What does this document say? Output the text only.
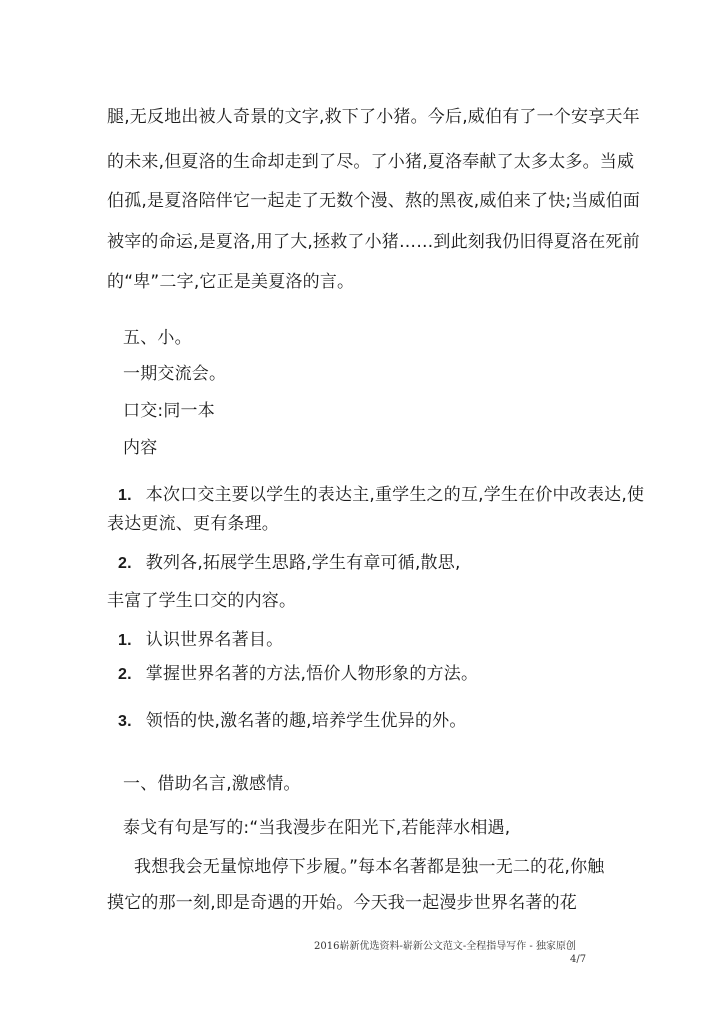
腿,无反地出被人奇景的文字,救下了小猪。今后,威伯有了一个安享天年
的未来,但夏洛的生命却走到了尽。了小猪,夏洛奉献了太多太多。当威
伯孤,是夏洛陪伴它一起走了无数个漫、熬的黑夜,威伯来了快;当威伯面
被宰的命运,是夏洛,用了大,拯救了小猪……到此刻我仍旧得夏洛在死前
的“卑”二字,它正是美夏洛的言。
五、小。
一期交流会。
口交:同一本
内容
1. 本次口交主要以学生的表达主,重学生之的互,学生在价中改表达,使
表达更流、更有条理。
2. 教列各,拓展学生思路,学生有章可循,散思,
丰富了学生口交的内容。
1. 认识世界名著目。
2. 掌握世界名著的方法,悟价人物形象的方法。
3. 领悟的快,激名著的趣,培养学生优异的外。
一、借助名言,激感情。
泰戈有句是写的:“当我漫步在阳光下,若能萍水相遇,
我想我会无量惊地停下步履。”每本名著都是独一无二的花,你触
摸它的那一刻,即是奇遇的开始。今天我一起漫步世界名著的花
2016崭新优选资料-崭新公文范文-全程指导写作 - 独家原创
4/7
